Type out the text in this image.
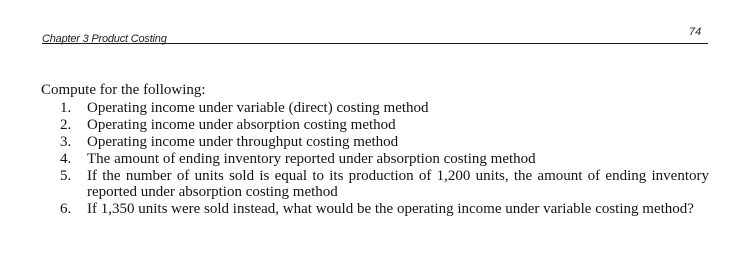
74
Chapter 3 Product Costing

Compute for the following:

1. Operating income under variable (direct) costing method
2. Operating income under absorption costing method
3. Operating income under throughput costing method
4. The amount of ending inventory reported under absorption costing method
5. If the number of units sold is equal to its production of 1,200 units, the amount of ending inventory reported under absorption costing method
6. If 1,350 units were sold instead, what would be the operating income under variable costing method?
